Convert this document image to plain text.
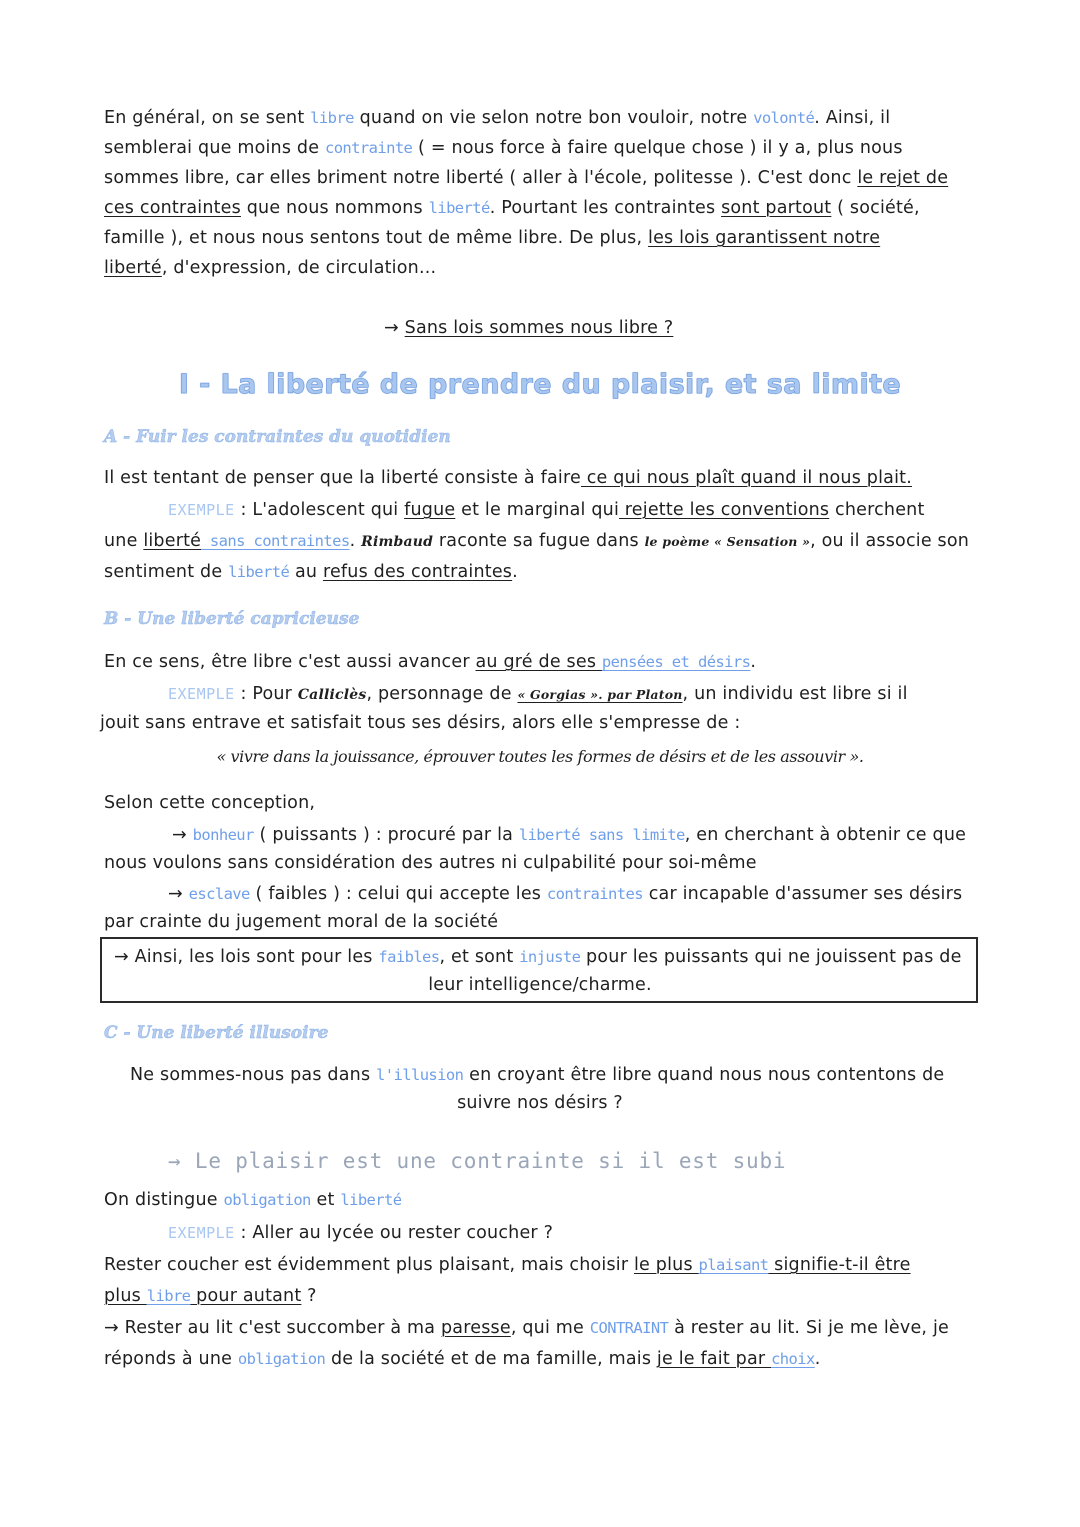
En général, on se sent libre quand on vie selon notre bon vouloir, notre volonté. Ainsi, il
semblerai que moins de contrainte ( = nous force à faire quelque chose ) il y a, plus nous
sommes libre, car elles briment notre liberté ( aller à l'école, politesse ). C'est donc le rejet de
ces contraintes que nous nommons liberté. Pourtant les contraintes sont partout ( société,
famille ), et nous nous sentons tout de même libre. De plus, les lois garantissent notre
liberté, d'expression, de circulation...
→ Sans lois sommes nous libre ?
I - La liberté de prendre du plaisir, et sa limite
A - Fuir les contraintes du quotidien
Il est tentant de penser que la liberté consiste à faire ce qui nous plaît quand il nous plait.
EXEMPLE : L'adolescent qui fugue et le marginal qui rejette les conventions cherchent
une liberté sans contraintes. Rimbaud raconte sa fugue dans le poème « Sensation », ou il associe son
sentiment de liberté au refus des contraintes.
B - Une liberté capricieuse
En ce sens, être libre c'est aussi avancer au gré de ses pensées et désirs.
EXEMPLE : Pour Calliclès, personnage de « Gorgias ». par Platon, un individu est libre si il
jouit sans entrave et satisfait tous ses désirs, alors elle s'empresse de :
« vivre dans la jouissance, éprouver toutes les formes de désirs et de les assouvir ».
Selon cette conception,
→ bonheur ( puissants ) : procuré par la liberté sans limite, en cherchant à obtenir ce que
nous voulons sans considération des autres ni culpabilité pour soi-même
→ esclave ( faibles ) : celui qui accepte les contraintes car incapable d'assumer ses désirs
par crainte du jugement moral de la société
→ Ainsi, les lois sont pour les faibles, et sont injuste pour les puissants qui ne jouissent pas de
leur intelligence/charme.
C - Une liberté illusoire
Ne sommes-nous pas dans l'illusion en croyant être libre quand nous nous contentons de
suivre nos désirs ?
→ Le plaisir est une contrainte si il est subi
On distingue obligation et liberté
EXEMPLE : Aller au lycée ou rester coucher ?
Rester coucher est évidemment plus plaisant, mais choisir le plus plaisant signifie-t-il être
plus libre pour autant ?
→ Rester au lit c'est succomber à ma paresse, qui me CONTRAINT à rester au lit. Si je me lève, je
réponds à une obligation de la société et de ma famille, mais je le fait par choix.
